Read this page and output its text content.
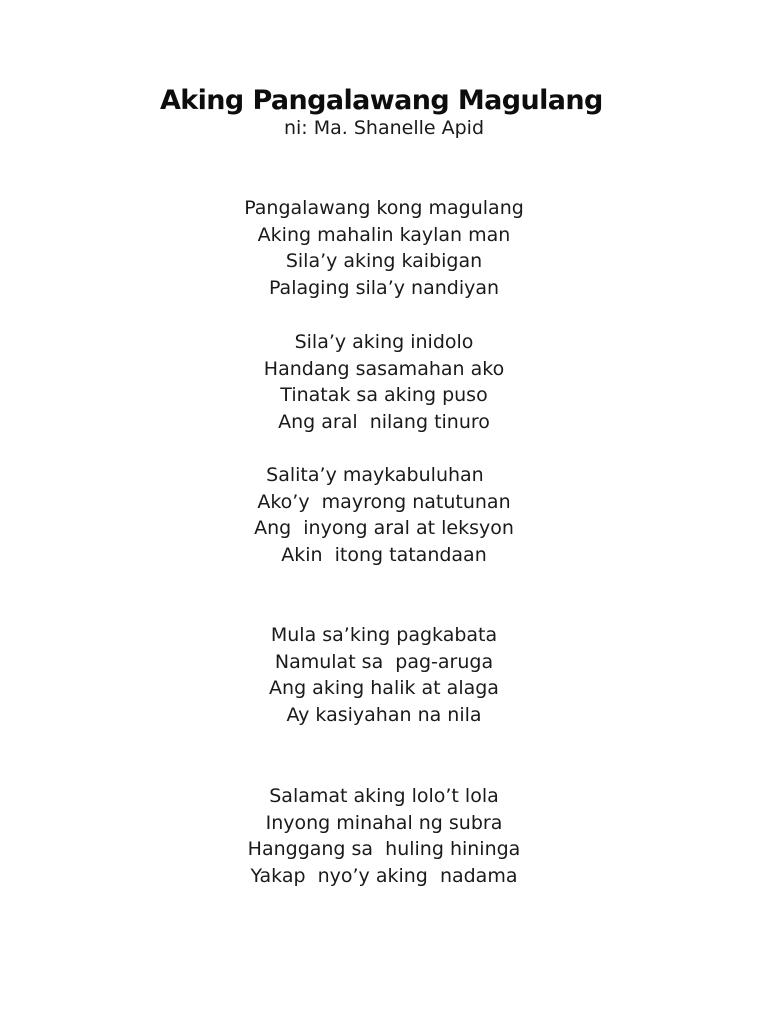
Aking Pangalawang Magulang
ni: Ma. Shanelle Apid
Pangalawang kong magulang
Aking mahalin kaylan man
Sila’y aking kaibigan
Palaging sila’y nandiyan
Sila’y aking inidolo
Handang sasamahan ako
Tinatak sa aking puso
Ang aral  nilang tinuro
Salita’y maykabuluhan
Ako’y  mayrong natutunan
Ang  inyong aral at leksyon
Akin  itong tatandaan
Mula sa’king pagkabata
Namulat sa  pag-aruga
Ang aking halik at alaga
Ay kasiyahan na nila
Salamat aking lolo’t lola
Inyong minahal ng subra
Hanggang sa  huling hininga
Yakap  nyo’y aking  nadama
